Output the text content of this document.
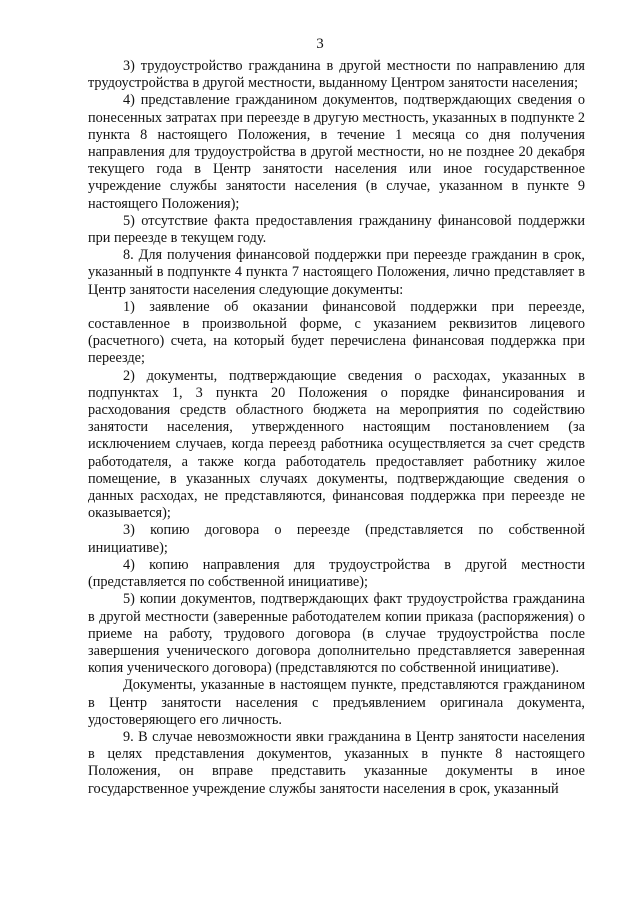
3

3) трудоустройство гражданина в другой местности по направлению для трудоустройства в другой местности, выданному Центром занятости населения;

4) представление гражданином документов, подтверждающих сведения о понесенных затратах при переезде в другую местность, указанных в подпункте 2 пункта 8 настоящего Положения, в течение 1 месяца со дня получения направления для трудоустройства в другой местности, но не позднее 20 декабря текущего года в Центр занятости населения или иное государственное учреждение службы занятости населения (в случае, указанном в пункте 9 настоящего Положения);

5) отсутствие факта предоставления гражданину финансовой поддержки при переезде в текущем году.

8. Для получения финансовой поддержки при переезде гражданин в срок, указанный в подпункте 4 пункта 7 настоящего Положения, лично представляет в Центр занятости населения следующие документы:

1) заявление об оказании финансовой поддержки при переезде, составленное в произвольной форме, с указанием реквизитов лицевого (расчетного) счета, на который будет перечислена финансовая поддержка при переезде;

2) документы, подтверждающие сведения о расходах, указанных в подпунктах 1, 3 пункта 20 Положения о порядке финансирования и расходования средств областного бюджета на мероприятия по содействию занятости населения, утвержденного настоящим постановлением (за исключением случаев, когда переезд работника осуществляется за счет средств работодателя, а также когда работодатель предоставляет работнику жилое помещение, в указанных случаях документы, подтверждающие сведения о данных расходах, не представляются, финансовая поддержка при переезде не оказывается);

3) копию договора о переезде (представляется по собственной инициативе);

4) копию направления для трудоустройства в другой местности (представляется по собственной инициативе);

5) копии документов, подтверждающих факт трудоустройства гражданина в другой местности (заверенные работодателем копии приказа (распоряжения) о приеме на работу, трудового договора (в случае трудоустройства после завершения ученического договора дополнительно представляется заверенная копия ученического договора) (представляются по собственной инициативе).

Документы, указанные в настоящем пункте, представляются гражданином в Центр занятости населения с предъявлением оригинала документа, удостоверяющего его личность.

9. В случае невозможности явки гражданина в Центр занятости населения в целях представления документов, указанных в пункте 8 настоящего Положения, он вправе представить указанные документы в иное государственное учреждение службы занятости населения в срок, указанный
